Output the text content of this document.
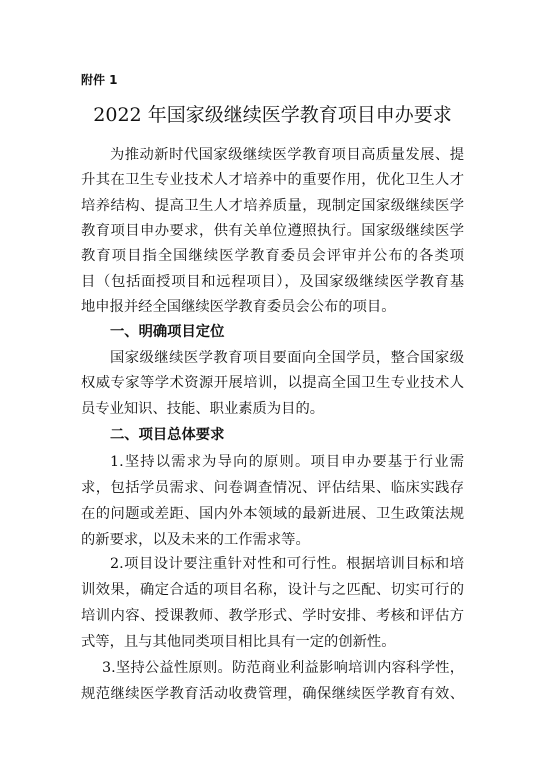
附件 1
2022 年国家级继续医学教育项目申办要求
为推动新时代国家级继续医学教育项目高质量发展、提
升其在卫生专业技术人才培养中的重要作用，优化卫生人才
培养结构、提高卫生人才培养质量，现制定国家级继续医学
教育项目申办要求，供有关单位遵照执行。国家级继续医学
教育项目指全国继续医学教育委员会评审并公布的各类项
目（包括面授项目和远程项目），及国家级继续医学教育基
地申报并经全国继续医学教育委员会公布的项目。
一、明确项目定位
国家级继续医学教育项目要面向全国学员，整合国家级
权威专家等学术资源开展培训，以提高全国卫生专业技术人
员专业知识、技能、职业素质为目的。
二、项目总体要求
1.坚持以需求为导向的原则。项目申办要基于行业需
求，包括学员需求、问卷调查情况、评估结果、临床实践存
在的问题或差距、国内外本领域的最新进展、卫生政策法规
的新要求，以及未来的工作需求等。
2.项目设计要注重针对性和可行性。根据培训目标和培
训效果，确定合适的项目名称，设计与之匹配、切实可行的
培训内容、授课教师、教学形式、学时安排、考核和评估方
式等，且与其他同类项目相比具有一定的创新性。
3.坚持公益性原则。防范商业利益影响培训内容科学性，
规范继续医学教育活动收费管理，确保继续医学教育有效、
